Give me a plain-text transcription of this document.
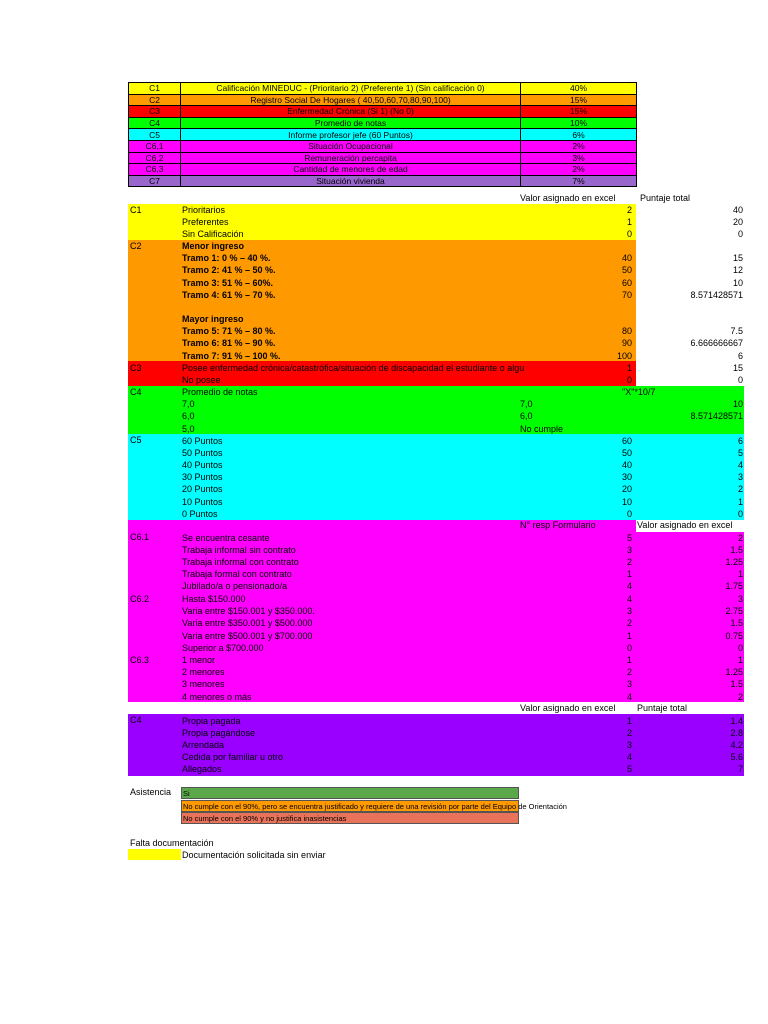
C1	Calificación MINEDUC - (Prioritario 2) (Preferente 1) (Sin calificación 0)	40%
C2	Registro Social De Hogares ( 40,50,60,70,80,90,100)	15%
C3	Enfermedad Crónica (Si 1) (No 0)	15%
C4	Promedio de notas	10%
C5	Informe profesor jefe (60 Puntos)	6%
C6,1	Situación Ocupacional	2%
C6,2	Remuneración percapita	3%
C6,3	Cantidad de menores de edad	2%
C7	Situación vivienda	7%
Valor asignado en excel	Puntaje total
N° resp Formulario	Valor asignado en excel
Valor asignado en excel Puntaje total
C1	Prioritarios	2	40
Preferentes	1	20
Sin Calificación	0	0
C2	Menor ingreso
Tramo 1: 0 % – 40 %.	40	15
Tramo 2: 41 % – 50 %.	50	12
Tramo 3: 51 % – 60%.	60	10
Tramo 4: 61 % – 70 %.	70	8.571428571
Mayor ingreso
Tramo 5: 71 % – 80 %.	80	7.5
Tramo 6: 81 % – 90 %.	90	6.666666667
Tramo 7: 91 % – 100 %.	100	6
C3	Posee enfermedad crónica/catastrófica/situación de discapacidad el estudiante o algu	1	15
No posee	0	0
C4	Promedio de notas	"X"*10/7
7,0	7,0	10
6,0	6,0	8.571428571
5,0	No cumple
C5	60 Puntos	60	6
50 Puntos	50	5
40 Puntos	40	4
30 Puntos	30	3
20 Puntos	20	2
10 Puntos	10	1
0 Puntos	0	0
C6.1	Se encuentra cesante	5	2
Trabaja informal sin contrato	3	1.5
Trabaja informal con contrato	2	1.25
Trabaja formal con contrato	1	1
Jubilado/a o pensionado/a	4	1.75
C6.2	Hasta $150.000	4	3
Varia entre $150.001 y $350.000.	3	2.75
Varia entre $350.001 y $500.000	2	1.5
Varia entre $500.001 y $700.000	1	0.75
Superior a $700.000	0	0
C6.3	1 menor	1	1
2 menores	2	1.25
3 menores	3	1.5
4 menores o más	4	2
C4	Propia pagada	1	1.4
Propia pagándose	2	2.8
Arrendada	3	4.2
Cedida por familiar u otro	4	5.6
Allegados	5	7
Asistencia Si
No cumple con el 90%, pero se encuentra justificado y requiere de una revisión por parte del Equipo de Orientación
No cumple con el 90% y no justifica inasistencias
Falta documentación
Documentación solicitada sin enviar
